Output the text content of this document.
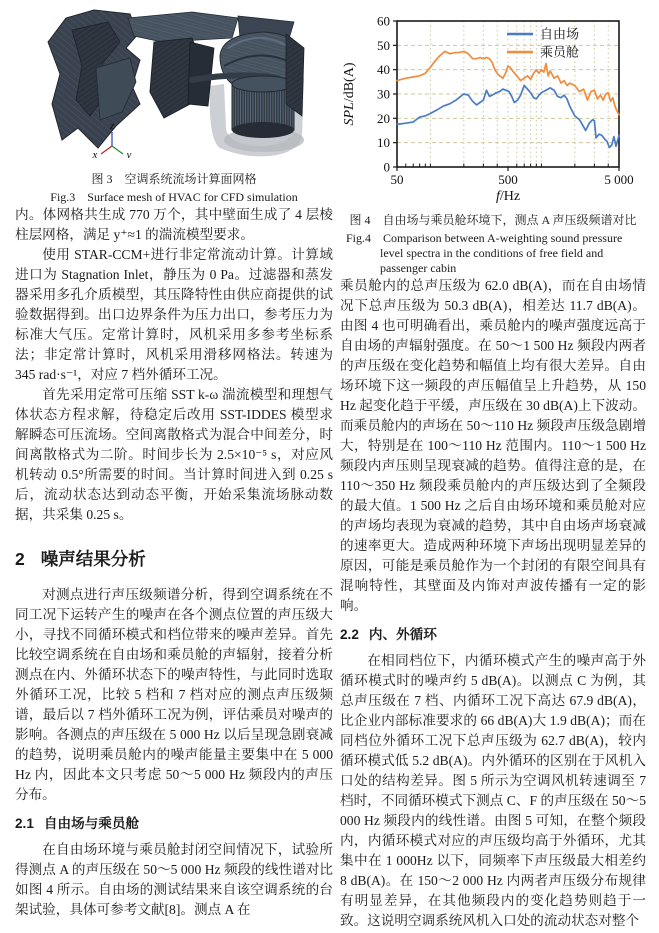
z
x	y
图 3　空调系统流场计算面网格
Fig.3　Surface mesh of HVAC for CFD simulation

内。体网格共生成 770 万个，其中壁面生成了 4 层棱柱层网格，满足 y⁺≈1 的湍流模型要求。

使用 STAR-CCM+进行非定常流动计算。计算域进口为 Stagnation Inlet，静压为 0 Pa。过滤器和蒸发器采用多孔介质模型，其压降特性由供应商提供的试验数据得到。出口边界条件为压力出口，参考压力为标准大气压。定常计算时，风机采用多参考坐标系法；非定常计算时，风机采用滑移网格法。转速为 345 rad·s⁻¹，对应 7 档外循环工况。

首先采用定常可压缩 SST k-ω 湍流模型和理想气体状态方程求解，待稳定后改用 SST-IDDES 模型求解瞬态可压流场。空间离散格式为混合中间差分，时间离散格式为二阶。时间步长为 2.5×10⁻⁵ s，对应风机转动 0.5°所需要的时间。当计算时间进入到 0.25 s 后，流动状态达到动态平衡，开始采集流场脉动数据，共采集 0.25 s。

2 噪声结果分析

对测点进行声压级频谱分析，得到空调系统在不同工况下运转产生的噪声在各个测点位置的声压级大小，寻找不同循环模式和档位带来的噪声差异。首先比较空调系统在自由场和乘员舱的声辐射，接着分析测点在内、外循环状态下的噪声特性，与此同时选取外循环工况，比较 5 档和 7 档对应的测点声压级频谱，最后以 7 档外循环工况为例，评估乘员对噪声的影响。各测点的声压级在 5 000 Hz 以后呈现急剧衰减的趋势，说明乘员舱内的噪声能量主要集中在 5 000 Hz 内，因此本文只考虑 50～5 000 Hz 频段内的声压分布。

2.1 自由场与乘员舱

在自由场环境与乘员舱封闭空间情况下，试验所得测点 A 的声压级在 50～5 000 Hz 频段的线性谱对比如图 4 所示。自由场的测试结果来自该空调系统的台架试验，具体可参考文献[8]。测点 A 在

0
10
20
30
40
50
60
50	500	5 000
自由场
乘员舱
f/Hz
SPL/dB(A)
图 4　自由场与乘员舱环境下，测点 A 声压级频谱对比
Fig.4　Comparison between A-weighting sound pressure level spectra in the conditions of free field and passenger cabin

乘员舱内的总声压级为 62.0 dB(A)，而在自由场情况下总声压级为 50.3 dB(A)，相差达 11.7 dB(A)。由图 4 也可明确看出，乘员舱内的噪声强度远高于自由场的声辐射强度。在 50～1 500 Hz 频段内两者的声压级在变化趋势和幅值上均有很大差异。自由场环境下这一频段的声压幅值呈上升趋势，从 150 Hz 起变化趋于平缓，声压级在 30 dB(A)上下波动。而乘员舱内的声场在 50～110 Hz 频段声压级急剧增大，特别是在 100～110 Hz 范围内。110～1 500 Hz 频段内声压则呈现衰减的趋势。值得注意的是，在 110～350 Hz 频段乘员舱内的声压级达到了全频段的最大值。1 500 Hz 之后自由场环境和乘员舱对应的声场均表现为衰减的趋势，其中自由场声场衰减的速率更大。造成两种环境下声场出现明显差异的原因，可能是乘员舱作为一个封闭的有限空间具有混响特性，其壁面及内饰对声波传播有一定的影响。

2.2 内、外循环

在相同档位下，内循环模式产生的噪声高于外循环模式时的噪声约 5 dB(A)。以测点 C 为例，其总声压级在 7 档、内循环工况下高达 67.9 dB(A)，比企业内部标准要求的 66 dB(A)大 1.9 dB(A)；而在同档位外循环工况下总声压级为 62.7 dB(A)，较内循环模式低 5.2 dB(A)。内外循环的区别在于风机入口处的结构差异。图 5 所示为空调风机转速调至 7 档时，不同循环模式下测点 C、F 的声压级在 50～5 000 Hz 频段内的线性谱。由图 5 可知，在整个频段内，内循环模式对应的声压级均高于外循环，尤其集中在 1 000Hz 以下，同频率下声压级最大相差约 8 dB(A)。在 150～2 000 Hz 内两者声压级分布规律有明显差异，在其他频段内的变化趋势则趋于一致。这说明空调系统风机入口处的流动状态对整个
